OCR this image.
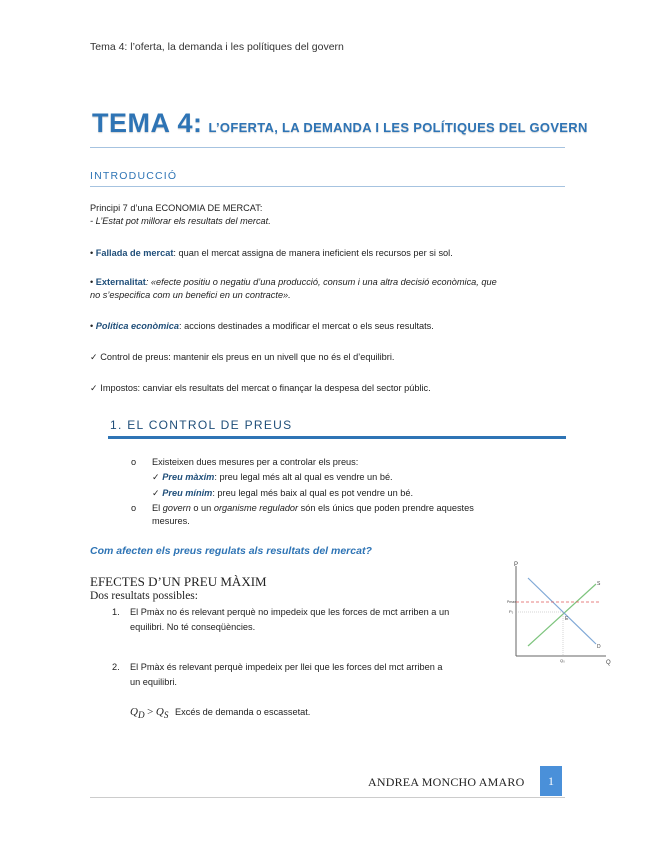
Tema 4: l’oferta, la demanda i les polítiques del govern
TEMA 4: L’OFERTA, LA DEMANDA I LES POLÍTIQUES DEL GOVERN
INTRODUCCIÓ
Principi 7 d’una ECONOMIA DE MERCAT:
- L’Estat pot millorar els resultats del mercat.
• Fallada de mercat: quan el mercat assigna de manera ineficient els recursos per si sol.
• Externalitat: «efecte positiu o negatiu d’una producció, consum i una altra decisió econòmica, que
no s’especifica com un benefici en un contracte».
• Política econòmica: accions destinades a modificar el mercat o els seus resultats.
✓ Control de preus: mantenir els preus en un nivell que no és el d’equilibri.
✓ Impostos: canviar els resultats del mercat o finançar la despesa del sector públic.
1. EL CONTROL DE PREUS
o Existeixen dues mesures per a controlar els preus:
✓ Preu màxim: preu legal més alt al qual es vendre un bé.
✓ Preu mínim: preu legal més baix al qual es pot vendre un bé.
o El govern o un organisme regulador són els únics que poden prendre aquestes
mesures.
Com afecten els preus regulats als resultats del mercat?
EFECTES D’UN PREU MÀXIM
Dos resultats possibles:
1. El Pmàx no és relevant perquè no impedeix que les forces de mct arriben a un
equilibri. No té conseqüències.
2. El Pmàx és relevant perquè impedeix per llei que les forces del mct arriben a
un equilibri.
$Q_D > Q_S$ Excés de demanda o escassetat.
P
Q
S
D
E
Pmax
P₀
Q₀
ANDREA MONCHO AMARO	1
